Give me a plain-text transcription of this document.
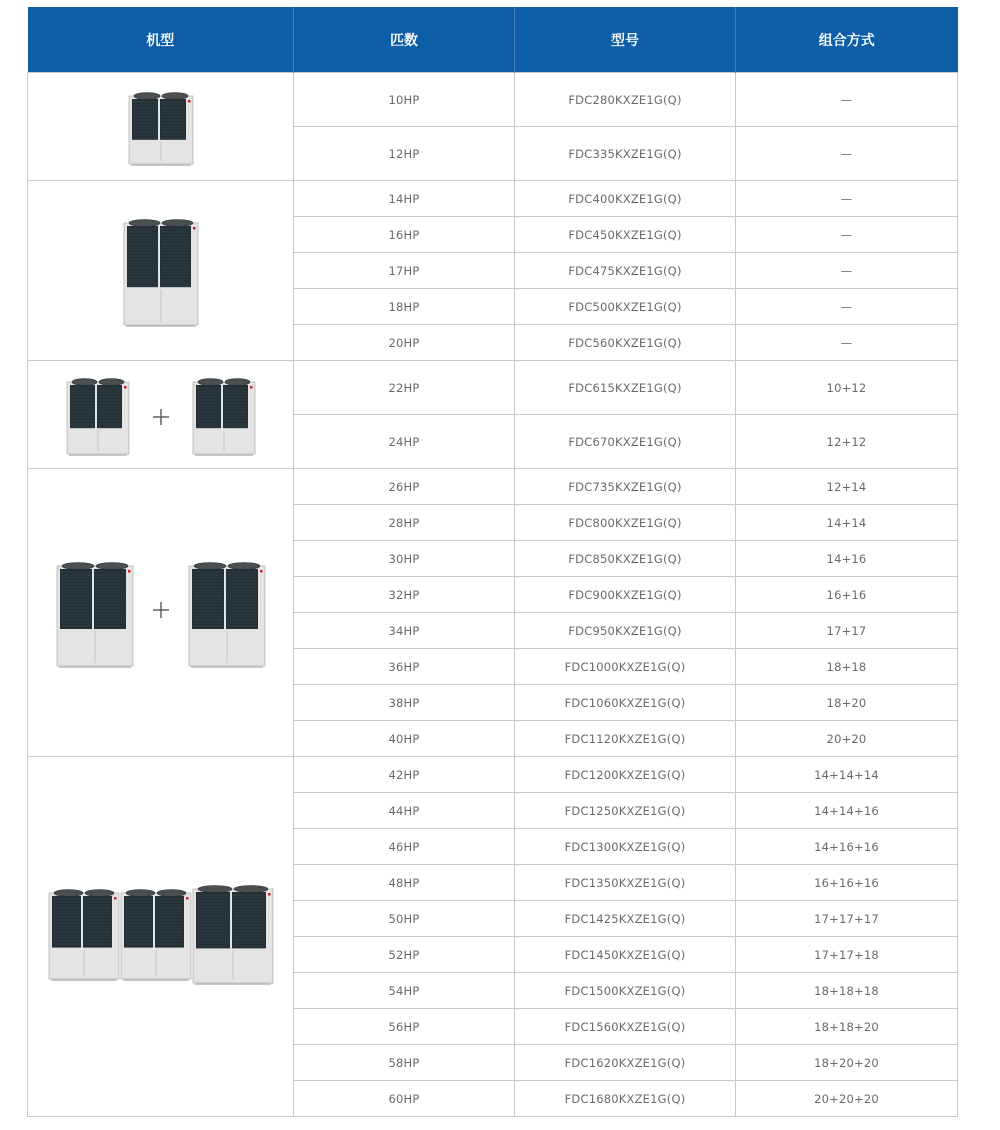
机型	匹数	型号	组合方式

	10HP	FDC280KXZE1G(Q)	—
	12HP	FDC335KXZE1G(Q)	—

	14HP	FDC400KXZE1G(Q)	—
	16HP	FDC450KXZE1G(Q)	—
	17HP	FDC475KXZE1G(Q)	—
	18HP	FDC500KXZE1G(Q)	—
	20HP	FDC560KXZE1G(Q)	—

	22HP	FDC615KXZE1G(Q)	10+12
	24HP	FDC670KXZE1G(Q)	12+12

	26HP	FDC735KXZE1G(Q)	12+14
	28HP	FDC800KXZE1G(Q)	14+14
	30HP	FDC850KXZE1G(Q)	14+16
	32HP	FDC900KXZE1G(Q)	16+16
	34HP	FDC950KXZE1G(Q)	17+17
	36HP	FDC1000KXZE1G(Q)	18+18
	38HP	FDC1060KXZE1G(Q)	18+20
	40HP	FDC1120KXZE1G(Q)	20+20

	42HP	FDC1200KXZE1G(Q)	14+14+14
	44HP	FDC1250KXZE1G(Q)	14+14+16
	46HP	FDC1300KXZE1G(Q)	14+16+16
	48HP	FDC1350KXZE1G(Q)	16+16+16
	50HP	FDC1425KXZE1G(Q)	17+17+17
	52HP	FDC1450KXZE1G(Q)	17+17+18
	54HP	FDC1500KXZE1G(Q)	18+18+18
	56HP	FDC1560KXZE1G(Q)	18+18+20
	58HP	FDC1620KXZE1G(Q)	18+20+20
	60HP	FDC1680KXZE1G(Q)	20+20+20
